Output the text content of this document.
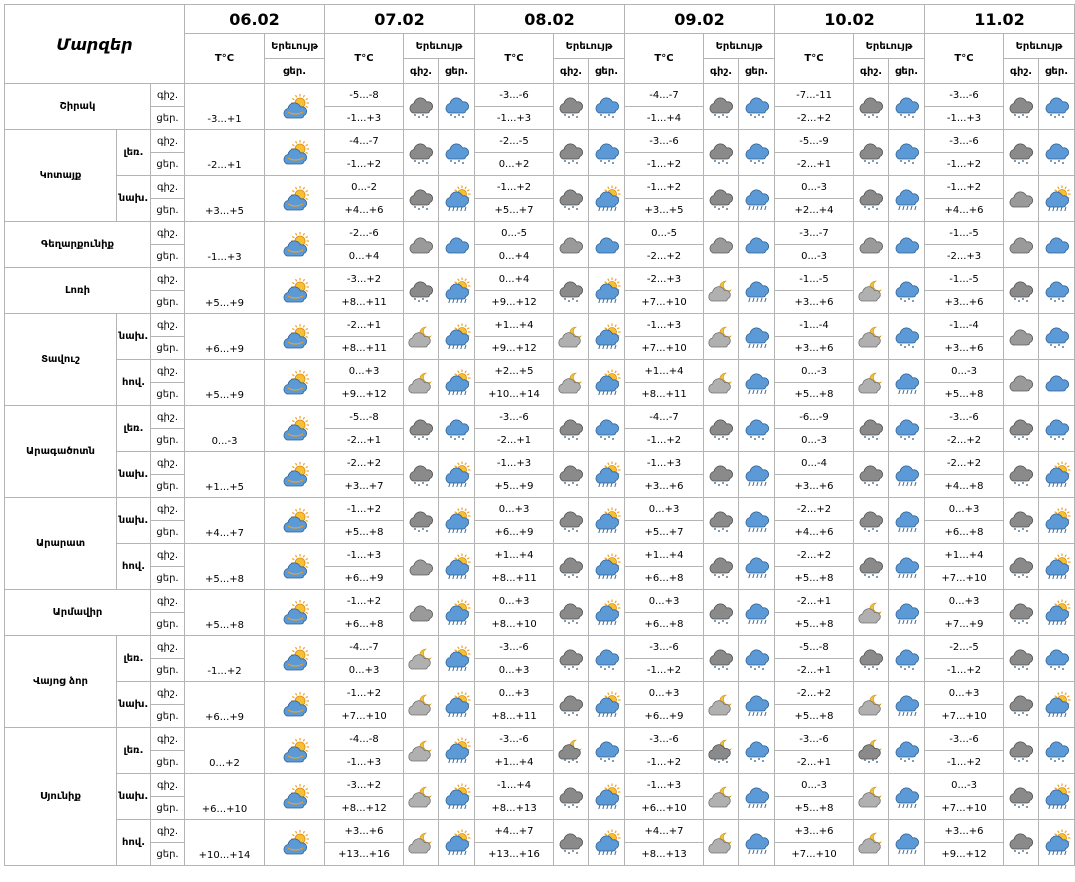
Մարզեր			06.02		07.02			08.02			09.02			10.02			11.02		
			T°C	Երեւույթ	T°C	Երեւույթ		T°C	Երեւույթ		T°C	Երեւույթ		T°C	Երեւույթ		T°C	Երեւույթ	
				ցեր.		գիշ.	ցեր.		գիշ.	ցեր.		գիշ.	ցեր.		գիշ.	ցեր.		գիշ.	ցեր.
Շիրակ		գիշ.	-3...+1		-5...-8			-3...-6			-4...-7			-7...-11			-3...-6	

		ցեր.			-1...+3			-1...+3			-1...+4			-2...+2			-1...+3		
Կոտայք	լեռ.	գիշ.	-2...+1		-4...-7			-2...-5			-3...-6			-5...-9			-3...-6	

		ցեր.			-1...+2			0...+2			-1...+2			-2...+1			-1...+2		
	նախ.	գիշ.	+3...+5		0...-2			-1...+2			-1...+2			0...-3			-1...+2	

		ցեր.			+4...+6			+5...+7			+3...+5			+2...+4			+4...+6		
Գեղարքունիք		գիշ.	-1...+3		-2...-6			0...-5			0...-5			-3...-7			-1...-5	

		ցեր.			0...+4			0...+4			-2...+2			0...-3			-2...+3		
Լոռի		գիշ.	+5...+9		-3...+2			0...+4			-2...+3			-1...-5			-1...-5	

		ցեր.			+8...+11			+9...+12			+7...+10			+3...+6			+3...+6		
Տավուշ	նախ.	գիշ.	+6...+9		-2...+1			+1...+4			-1...+3			-1...-4			-1...-4	

		ցեր.			+8...+11			+9...+12			+7...+10			+3...+6			+3...+6		
	հով.	գիշ.	+5...+9		0...+3			+2...+5			+1...+4			0...-3			0...-3	

		ցեր.			+9...+12			+10...+14			+8...+11			+5...+8			+5...+8		
Արագածոտն	լեռ.	գիշ.	0...-3		-5...-8			-3...-6			-4...-7			-6...-9			-3...-6	

		ցեր.			-2...+1			-2...+1			-1...+2			0...-3			-2...+2		
	նախ.	գիշ.	+1...+5		-2...+2			-1...+3			-1...+3			0...-4			-2...+2	

		ցեր.			+3...+7			+5...+9			+3...+6			+3...+6			+4...+8		
Արարատ	նախ.	գիշ.	+4...+7		-1...+2			0...+3			0...+3			-2...+2			0...+3	

		ցեր.			+5...+8			+6...+9			+5...+7			+4...+6			+6...+8		
	հով.	գիշ.	+5...+8		-1...+3			+1...+4			+1...+4			-2...+2			+1...+4	

		ցեր.			+6...+9			+8...+11			+6...+8			+5...+8			+7...+10		
Արմավիր		գիշ.	+5...+8		-1...+2			0...+3			0...+3			-2...+1			0...+3	

		ցեր.			+6...+8			+8...+10			+6...+8			+5...+8			+7...+9		
Վայոց ձոր	լեռ.	գիշ.	-1...+2		-4...-7			-3...-6			-3...-6			-5...-8			-2...-5	

		ցեր.			0...+3			0...+3			-1...+2			-2...+1			-1...+2		
	նախ.	գիշ.	+6...+9		-1...+2			0...+3			0...+3			-2...+2			0...+3	

		ցեր.			+7...+10			+8...+11			+6...+9			+5...+8			+7...+10		
Սյունիք	լեռ.	գիշ.	0...+2		-4...-8			-3...-6			-3...-6			-3...-6			-3...-6	

		ցեր.			-1...+3			+1...+4			-1...+2			-2...+1			-1...+2		
	նախ.	գիշ.	+6...+10		-3...+2			-1...+4			-1...+3			0...-3			0...-3	

		ցեր.			+8...+12			+8...+13			+6...+10			+5...+8			+7...+10		
	հով.	գիշ.	+10...+14		+3...+6			+4...+7			+4...+7			+3...+6			+3...+6	

		ցեր.			+13...+16			+13...+16			+8...+13			+7...+10			+9...+12		
